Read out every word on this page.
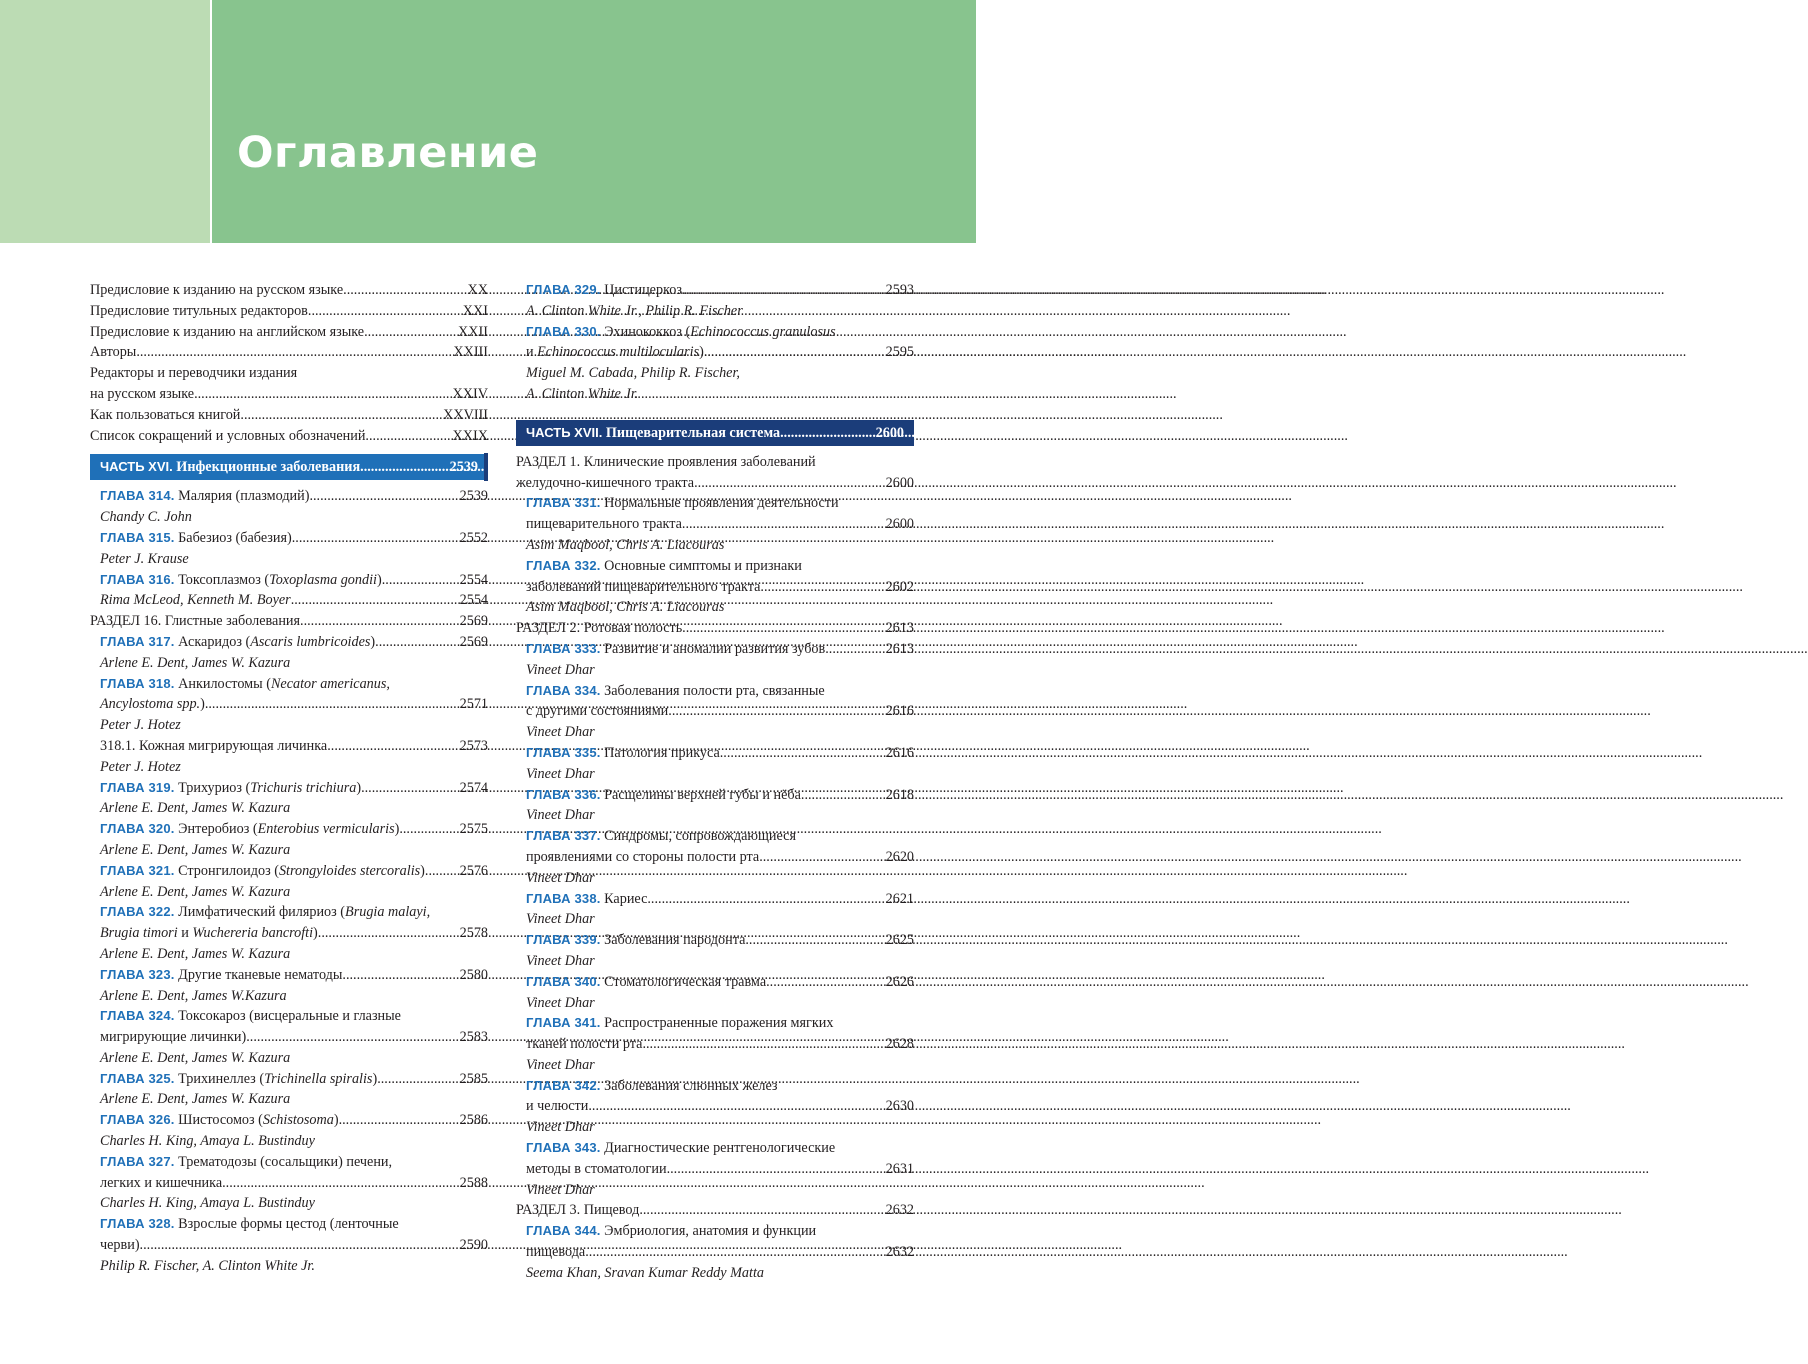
Оглавление
Предисловие к изданию на русском языке .....	XX
Предисловие титульных редакторов .....	XXI
Предисловие к изданию на английском языке .....	XXII
Авторы .....	XXIII
Редакторы и переводчики издания
на русском языке .....	XXIV
Как пользоваться книгой .....	XXVIII
Список сокращений и условных обозначений .....	XXIX
ЧАСТЬ XVI. Инфекционные заболевания .....	2539
ГЛАВА 314. Малярия (плазмодий) .....	2539
Chandy C. John
ГЛАВА 315. Бабезиоз (бабезия) .....	2552
Peter J. Krause
ГЛАВА 316. Токсоплазмоз (Toxoplasma gondii) .....	2554
Rima McLeod, Kenneth M. Boyer .....	2554
РАЗДЕЛ 16. Глистные заболевания .....	2569
ГЛАВА 317. Аскаридоз (Ascaris lumbricoides) .....	2569
Arlene E. Dent, James W. Kazura
ГЛАВА 318. Анкилостомы (Necator americanus,
Ancylostoma spp.) .....	2571
Peter J. Hotez
318.1. Кожная мигрирующая личинка .....	2573
Peter J. Hotez
ГЛАВА 319. Трихуриоз (Trichuris trichiura) .....	2574
Arlene E. Dent, James W. Kazura
ГЛАВА 320. Энтеробиоз (Enterobius vermicularis) .....	2575
Arlene E. Dent, James W. Kazura
ГЛАВА 321. Стронгилоидоз (Strongyloides stercoralis) ..... 2576
Arlene E. Dent, James W. Kazura
ГЛАВА 322. Лимфатический филяриоз (Brugia malayi,
Brugia timori и Wuchereria bancrofti) .....	2578
Arlene E. Dent, James W. Kazura
ГЛАВА 323. Другие тканевые нематоды .....	2580
Arlene E. Dent, James W.Kazura
ГЛАВА 324. Токсокароз (висцеральные и глазные
мигрирующие личинки) .....	2583
Arlene E. Dent, James W. Kazura
ГЛАВА 325. Трихинеллез (Trichinella spiralis) .....	2585
Arlene E. Dent, James W. Kazura
ГЛАВА 326. Шистосомоз (Schistosoma) .....	2586
Charles H. King, Amaya L. Bustinduy
ГЛАВА 327. Трематодозы (сосальщики) печени,
легких и кишечника .....	2588
Charles H. King, Amaya L. Bustinduy
ГЛАВА 328. Взрослые формы цестод (ленточные
черви) .....	2590
Philip R. Fischer, A. Clinton White Jr.
ГЛАВА 329. Цистицеркоз .....	2593
A. Clinton White Jr., Philip R. Fischer
ГЛАВА 330. Эхинококкоз (Echinococcus granulosus
и Echinococcus multilocularis) .....	2595
Miguel M. Cabada, Philip R. Fischer,
A. Clinton White Jr.
ЧАСТЬ XVII. Пищеварительная система .....	2600
РАЗДЕЛ 1. Клинические проявления заболеваний
желудочно-кишечного тракта .....	2600
ГЛАВА 331. Нормальные проявления деятельности
пищеварительного тракта .....	2600
Asim Maqbool, Chris A. Liacouras
ГЛАВА 332. Основные симптомы и признаки
заболеваний пищеварительного тракта .....	2602
Asim Maqbool, Chris A. Liacouras
РАЗДЕЛ 2. Ротовая полость .....	2613
ГЛАВА 333. Развитие и аномалии развития зубов .....	2613
Vineet Dhar
ГЛАВА 334. Заболевания полости рта, связанные
с другими состояниями .....	2616
Vineet Dhar
ГЛАВА 335. Патология прикуса .....	2616
Vineet Dhar
ГЛАВА 336. Расщелины верхней губы и нёба .....	2618
Vineet Dhar
ГЛАВА 337. Синдромы, сопровождающиеся
проявлениями со стороны полости рта .....	2620
Vineet Dhar
ГЛАВА 338. Кариес .....	2621
Vineet Dhar
ГЛАВА 339. Заболевания пародонта .....	2625
Vineet Dhar
ГЛАВА 340. Стоматологическая травма .....	2626
Vineet Dhar
ГЛАВА 341. Распространенные поражения мягких
тканей полости рта .....	2628
Vineet Dhar
ГЛАВА 342. Заболевания слюнных желез
и челюсти .....	2630
Vineet Dhar
ГЛАВА 343. Диагностические рентгенологические
методы в стоматологии .....	2631
Vineet Dhar
РАЗДЕЛ 3. Пищевод .....	2632
ГЛАВА 344. Эмбриология, анатомия и функции
пищевода .....	2632
Seema Khan, Sravan Kumar Reddy Matta
